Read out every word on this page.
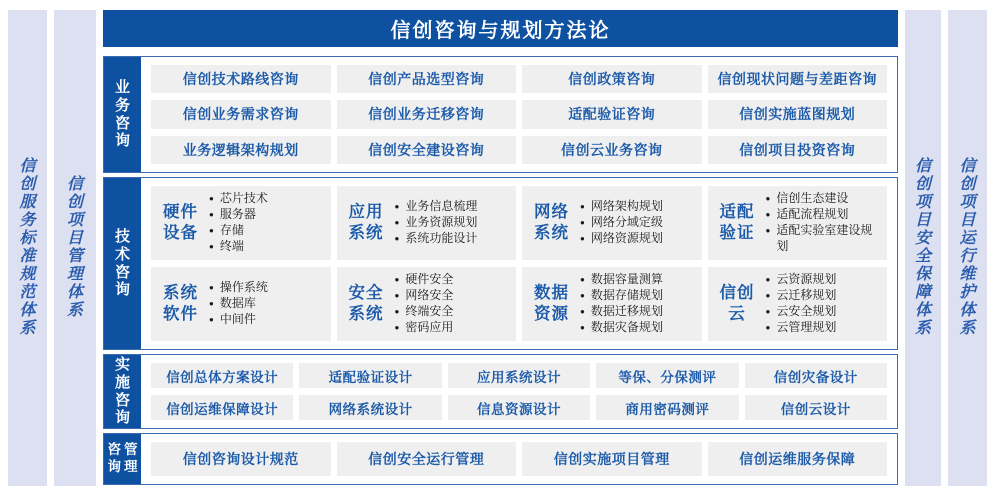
信
创
服
务
标
准
规
范
体
系
信
创
项
目
管
理
体
系
信创咨询与规划方法论
业
务
咨
询
信创技术路线咨询	信创产品选型咨询	信创政策咨询	信创现状问题与差距咨询
信创业务需求咨询	信创业务迁移咨询	适配验证咨询	信创实施蓝图规划
业务逻辑架构规划	信创安全建设咨询	信创云业务咨询	信创项目投资咨询
技
术
咨
询
硬件
设备
● 芯片技术
● 服务器
● 存储
● 终端
应用
系统
● 业务信息梳理
● 业务资源规划
● 系统功能设计
网络
系统
● 网络架构规划
● 网络分域定级
● 网络资源规划
适配
验证
● 信创生态建设
● 适配流程规划
● 适配实验室建设规划
系统
软件
● 操作系统
● 数据库
● 中间件
安全
系统
● 硬件安全
● 网络安全
● 终端安全
● 密码应用
数据
资源
● 数据容量测算
● 数据存储规划
● 数据迁移规划
● 数据灾备规划
信创
云
● 云资源规划
● 云迁移规划
● 云安全规划
● 云管理规划
实
施
咨
询
信创总体方案设计	适配验证设计	应用系统设计	等保、分保测评	信创灾备设计
信创运维保障设计	网络系统设计	信息资源设计	商用密码测评	信创云设计
咨
询
管
理	信创咨询设计规范	信创安全运行管理	信创实施项目管理	信创运维服务保障
信
创
项
目
安
全
保
障
体
系
信
创
项
目
运
行
维
护
体
系
